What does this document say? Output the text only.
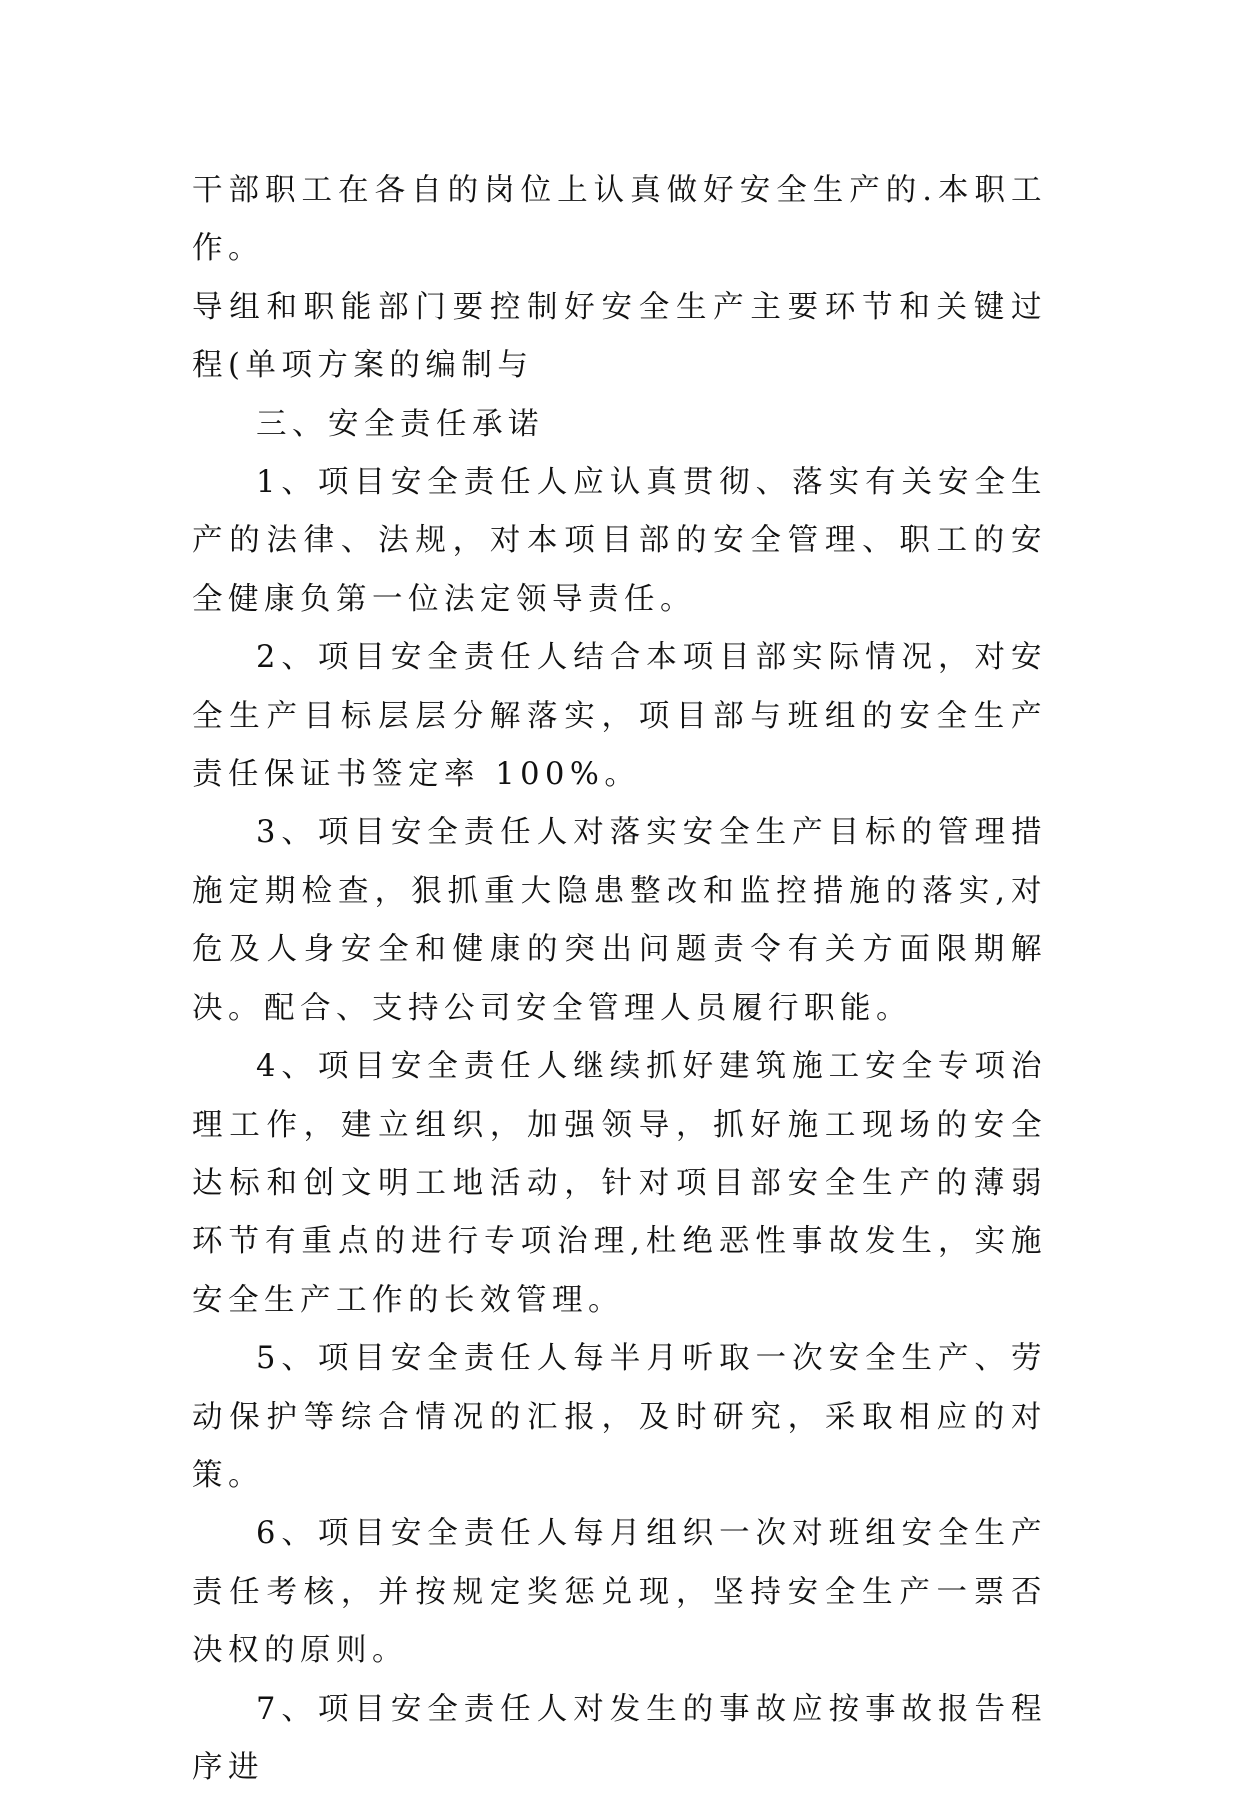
干部职工在各自的岗位上认真做好安全生产的.本职工作。

导组和职能部门要控制好安全生产主要环节和关键过程(单项方案的编制与

三、安全责任承诺

1、项目安全责任人应认真贯彻、落实有关安全生产的法律、法规，对本项目部的安全管理、职工的安全健康负第一位法定领导责任。

2、项目安全责任人结合本项目部实际情况，对安全生产目标层层分解落实，项目部与班组的安全生产责任保证书签定率 100%。

3、项目安全责任人对落实安全生产目标的管理措施定期检查，狠抓重大隐患整改和监控措施的落实,对危及人身安全和健康的突出问题责令有关方面限期解决。配合、支持公司安全管理人员履行职能。

4、项目安全责任人继续抓好建筑施工安全专项治理工作，建立组织，加强领导，抓好施工现场的安全达标和创文明工地活动，针对项目部安全生产的薄弱环节有重点的进行专项治理,杜绝恶性事故发生，实施安全生产工作的长效管理。

5、项目安全责任人每半月听取一次安全生产、劳动保护等综合情况的汇报，及时研究，采取相应的对策。

6、项目安全责任人每月组织一次对班组安全生产责任考核，并按规定奖惩兑现，坚持安全生产一票否决权的原则。

7、项目安全责任人对发生的事故应按事故报告程序进
